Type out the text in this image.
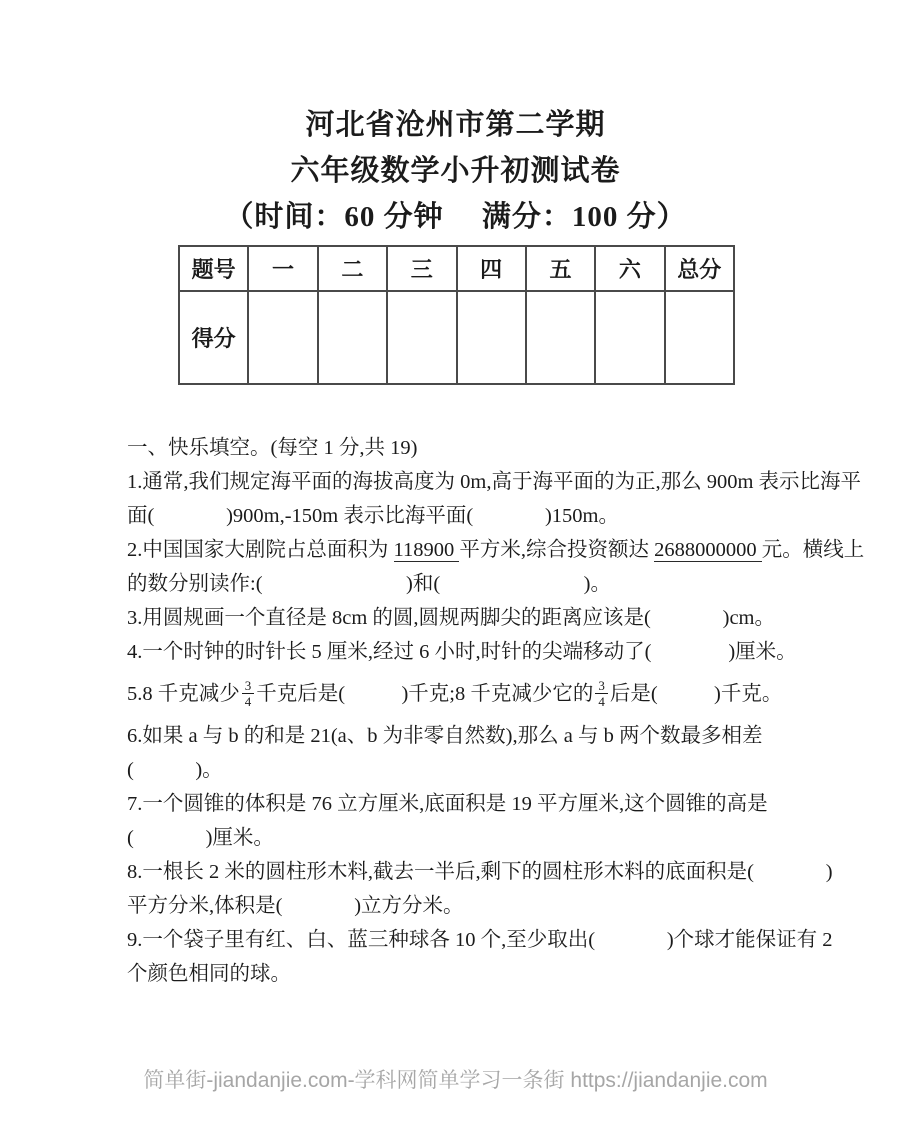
河北省沧州市第二学期
六年级数学小升初测试卷
（时间：60 分钟　 满分：100 分）
题号	一	二	三	四	五	六	总分
得分							
一、快乐填空。(每空 1 分,共 19)
1.通常,我们规定海平面的海拔高度为 0m,高于海平面的为正,那么 900m 表示比海平
面(              )900m,-150m 表示比海平面(              )150m。
2.中国国家大剧院占总面积为 118900 平方米,综合投资额达 2688000000 元。横线上
的数分别读作:(                            )和(                            )。
3.用圆规画一个直径是 8cm 的圆,圆规两脚尖的距离应该是(              )cm。
4.一个时钟的时针长 5 厘米,经过 6 小时,时针的尖端移动了(               )厘米。
5.8 千克减少 $\frac{3}{4}$ 千克后是(           )千克;8 千克减少它的 $\frac{3}{4}$ 后是(           )千克。
6.如果 a 与 b 的和是 21(a、b 为非零自然数),那么 a 与 b 两个数最多相差
(            )。
7.一个圆锥的体积是 76 立方厘米,底面积是 19 平方厘米,这个圆锥的高是
(              )厘米。
8.一根长 2 米的圆柱形木料,截去一半后,剩下的圆柱形木料的底面积是(              )
平方分米,体积是(              )立方分米。
9.一个袋子里有红、白、蓝三种球各 10 个,至少取出(              )个球才能保证有 2
个颜色相同的球。
简单街-jiandanjie.com-学科网简单学习一条街 https://jiandanjie.com
